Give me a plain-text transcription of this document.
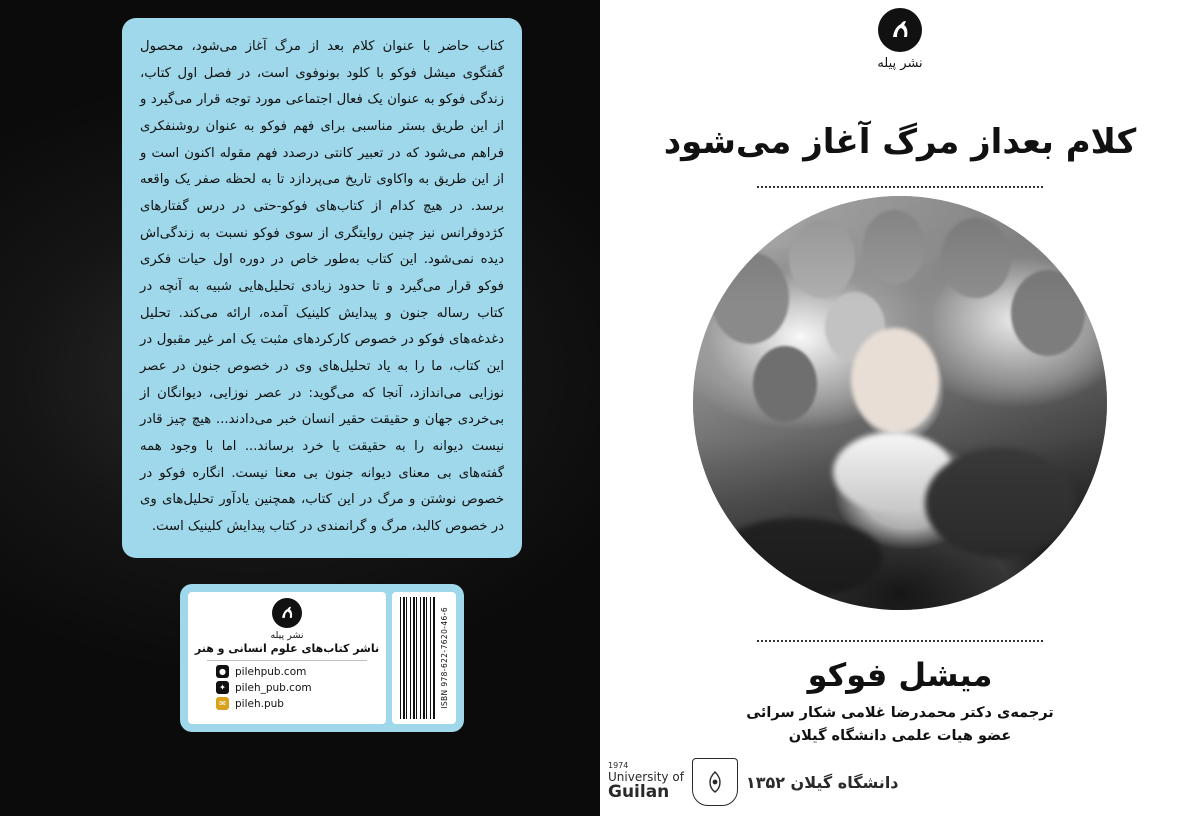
نشر پیله
کلام بعداز مرگ آغاز می‌شود
میشل فوکو
ترجمه‌ی دکتر محمدرضا غلامی شکار سرائی
عضو هیات علمی دانشگاه گیلان
دانشگاه گیلان ۱۳۵۲
1974
University of
Guilan
کتاب حاضر با عنوان کلام بعد از مرگ آغاز می‌شود، محصول گفتگوی میشل فوکو با کلود بونوفوی است، در فصل اول کتاب، زندگی فوکو به عنوان یک فعال اجتماعی مورد توجه قرار می‌گیرد و از این طریق بستر مناسبی برای فهم فوکو به عنوان روشنفکری فراهم می‌شود که در تعبیر کانتی درصدد فهم مقوله اکنون است و از این طریق به واکاوی تاریخ می‌پردازد تا به لحظه صفر یک واقعه برسد. در هیچ کدام از کتاب‌های فوکو-حتی در درس گفتارهای کژدوفرانس نیز چنین روایتگری از سوی فوکو نسبت به زندگی‌اش دیده نمی‌شود. این کتاب به‌طور خاص در دوره اول حیات فکری فوکو قرار می‌گیرد و تا حدود زیادی تحلیل‌هایی شبیه به آنچه در کتاب رساله جنون و پیدایش کلینیک آمده، ارائه می‌کند. تحلیل دغدغه‌های فوکو در خصوص کارکردهای مثبت یک امر غیر مقبول در این کتاب، ما را به یاد تحلیل‌های وی در خصوص جنون در عصر نوزایی می‌اندازد، آنجا که می‌گوید: در عصر نوزایی، دیوانگان از بی‌خردی جهان و حقیقت حقیر انسان خبر می‌دادند... هیچ چیز قادر نیست دیوانه را به حقیقت یا خرد برساند... اما با وجود همه گفته‌های بی معنای دیوانه جنون بی معنا نیست. انگاره فوکو در خصوص نوشتن و مرگ در این کتاب، همچنین یادآور تحلیل‌های وی در خصوص کالبد، مرگ و گرانمندی در کتاب پیدایش کلینیک است.
نشر پیله
ناشر کتاب‌های علوم انسانی و هنر
● pilehpub.com
✦ pileh_pub.com
✉ pileh.pub	ISBN 978-622-7620-46-6
